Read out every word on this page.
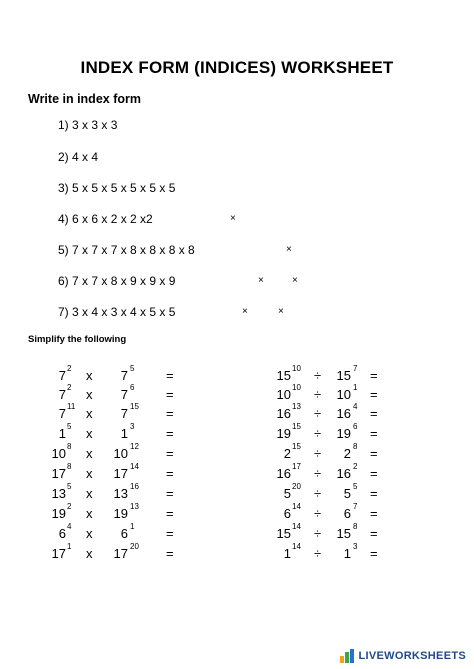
INDEX FORM (INDICES) WORKSHEET
Write in index form
1) 3 x 3 x 3
2) 4 x 4
3) 5 x 5 x 5 x 5 x 5 x 5
4) 6 x 6 x 2 x 2 x2	×
5) 7 x 7 x 7 x 8 x 8 x 8 x 8	×
6) 7 x 7 x 8 x 9 x 9 x 9	×	×
7) 3 x 4 x 3 x 4 x 5 x 5	×	×
Simplify the following
7 2 x	7 5 =
7 2 x	7 6 =
7 11 x	7 15 =
1 5 x	1 3 =
10 8 x	10 12 =
17 8 x	17 14 =
13 5 x	13 16 =
19 2 x	19 13 =
6 4 x	6 1 =
17 1 x	17 20 =
15 10 ÷	15 7 =
10 10 ÷	10 1 =
16 13 ÷	16 4 =
19 15 ÷	19 6 =
2 15 ÷	2 8 =
16 17 ÷	16 2 =
5 20 ÷	5 5 =
6 14 ÷	6 7 =
15 14 ÷	15 8 =
1 14 ÷	1 3 =
LIVEWORKSHEETS
